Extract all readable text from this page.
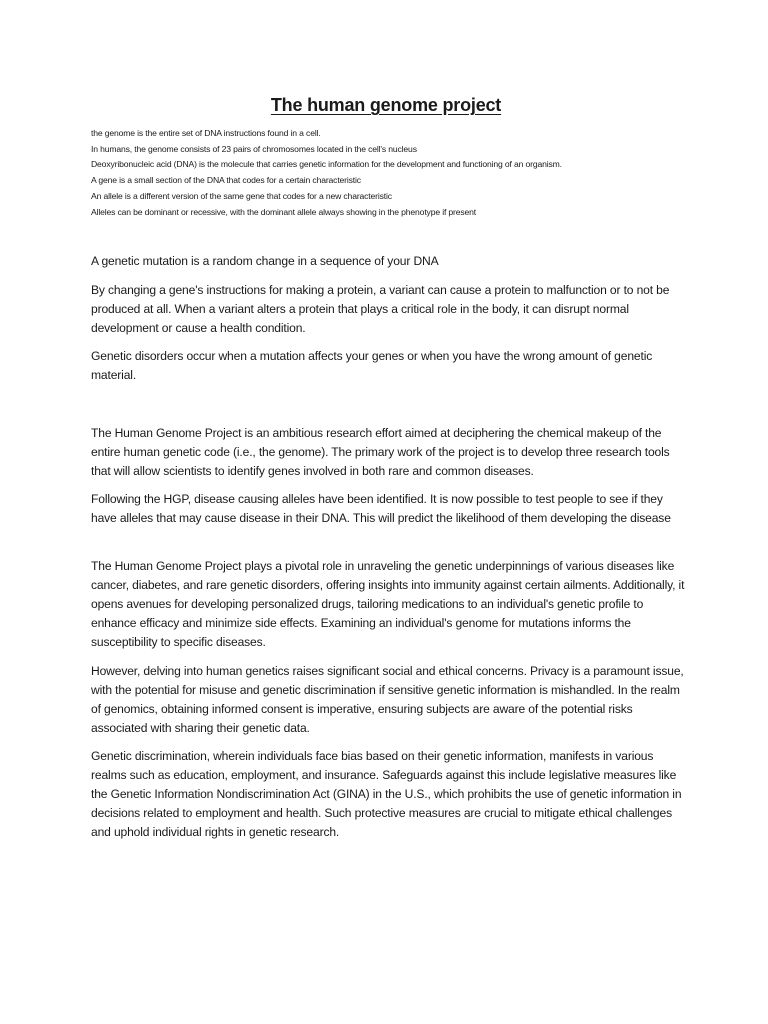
The human genome project
the genome is the entire set of DNA instructions found in a cell.
In humans, the genome consists of 23 pairs of chromosomes located in the cell's nucleus
Deoxyribonucleic acid (DNA) is the molecule that carries genetic information for the development and functioning of an organism.
A gene is a small section of the DNA that codes for a certain characteristic
An allele is a different version of the same gene that codes for a new characteristic
Alleles can be dominant or recessive, with the dominant allele always showing in the phenotype if present

A genetic mutation is a random change in a sequence of your DNA

By changing a gene's instructions for making a protein, a variant can cause a protein to malfunction or to not be produced at all. When a variant alters a protein that plays a critical role in the body, it can disrupt normal development or cause a health condition.

Genetic disorders occur when a mutation affects your genes or when you have the wrong amount of genetic material.

The Human Genome Project is an ambitious research effort aimed at deciphering the chemical makeup of the entire human genetic code (i.e., the genome). The primary work of the project is to develop three research tools that will allow scientists to identify genes involved in both rare and common diseases.

Following the HGP, disease causing alleles have been identified. It is now possible to test people to see if they have alleles that may cause disease in their DNA. This will predict the likelihood of them developing the disease

The Human Genome Project plays a pivotal role in unraveling the genetic underpinnings of various diseases like cancer, diabetes, and rare genetic disorders, offering insights into immunity against certain ailments. Additionally, it opens avenues for developing personalized drugs, tailoring medications to an individual's genetic profile to enhance efficacy and minimize side effects. Examining an individual's genome for mutations informs the susceptibility to specific diseases.

However, delving into human genetics raises significant social and ethical concerns. Privacy is a paramount issue, with the potential for misuse and genetic discrimination if sensitive genetic information is mishandled. In the realm of genomics, obtaining informed consent is imperative, ensuring subjects are aware of the potential risks associated with sharing their genetic data.

Genetic discrimination, wherein individuals face bias based on their genetic information, manifests in various realms such as education, employment, and insurance. Safeguards against this include legislative measures like the Genetic Information Nondiscrimination Act (GINA) in the U.S., which prohibits the use of genetic information in decisions related to employment and health. Such protective measures are crucial to mitigate ethical challenges and uphold individual rights in genetic research.
